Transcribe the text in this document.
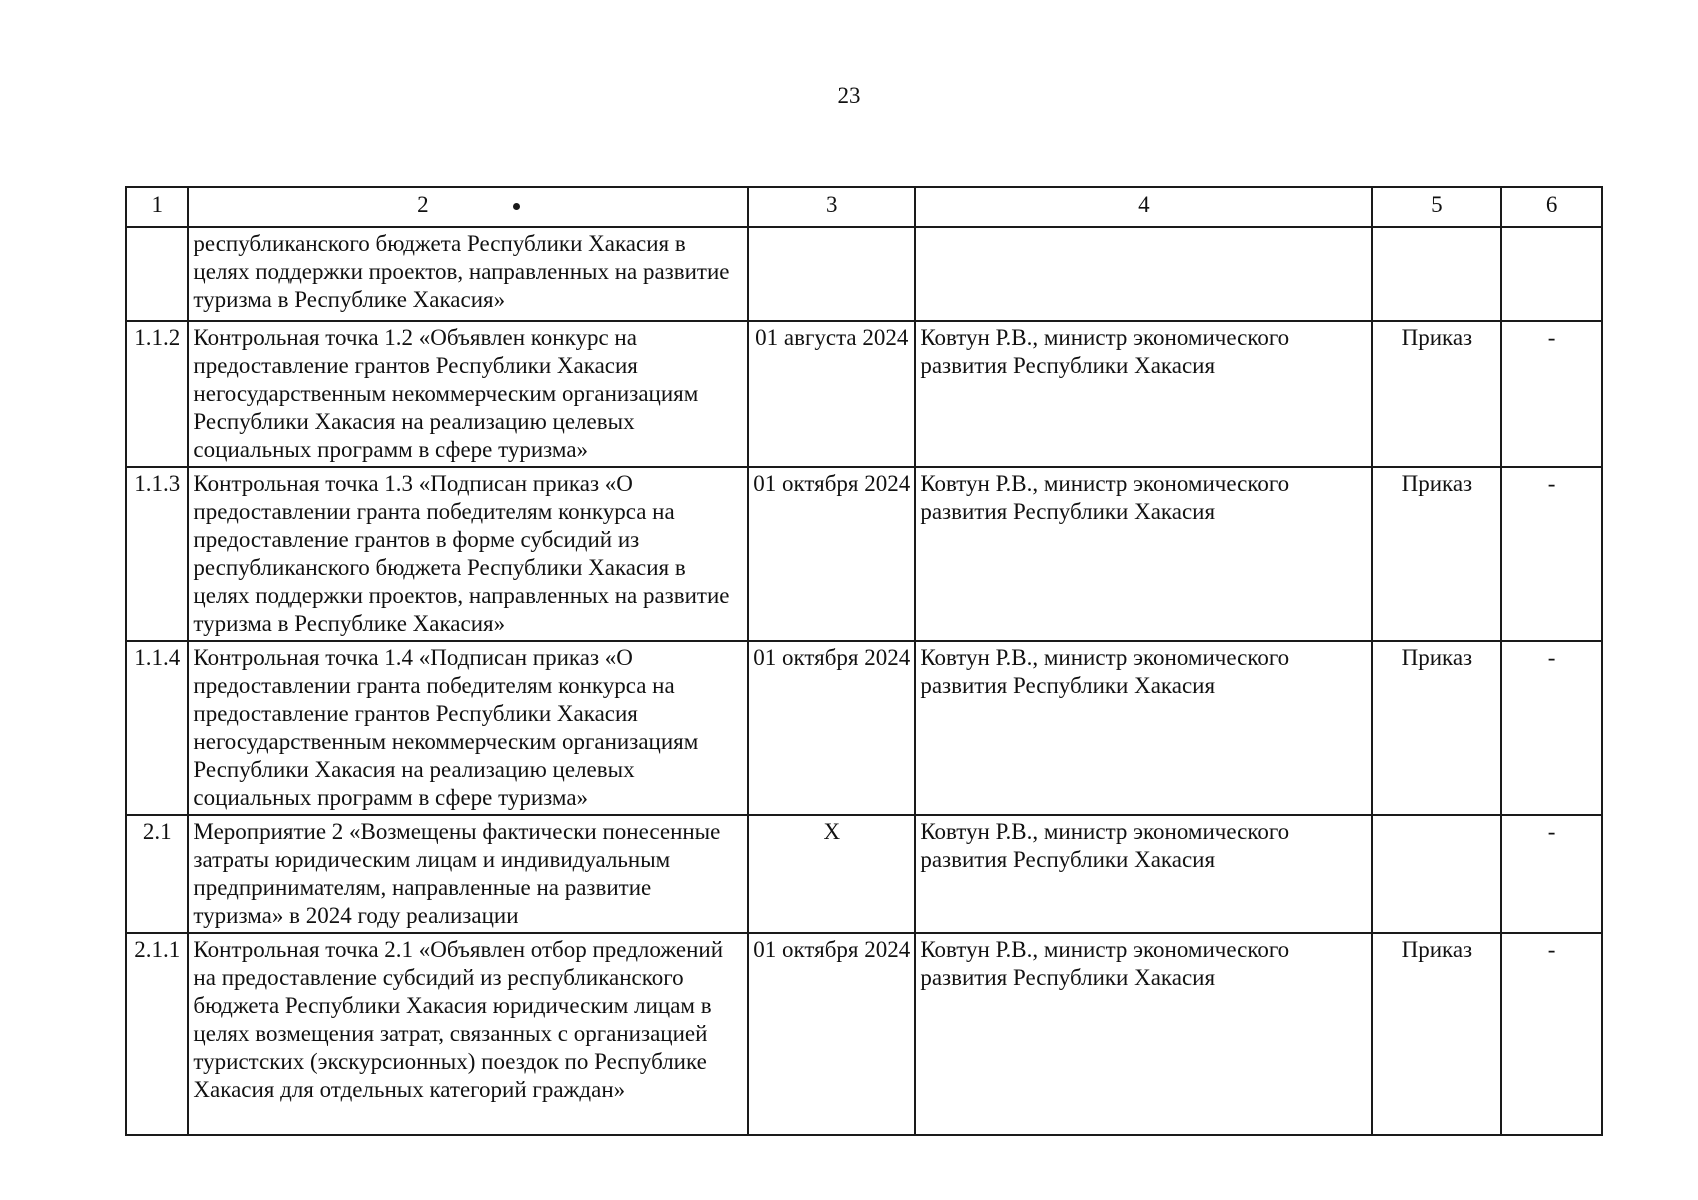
23
1	2	3	4	5	6
	республиканского бюджета Республики Хакасия в целях поддержки проектов, направленных на развитие туризма в Республике Хакасия»				
1.1.2	Контрольная точка 1.2 «Объявлен конкурс на предоставление грантов Республики Хакасия негосударственным некоммерческим организациям Республики Хакасия на реализацию целевых социальных программ в сфере туризма»	01 августа 2024	Ковтун Р.В., министр экономического развития Республики Хакасия	Приказ	-
1.1.3	Контрольная точка 1.3 «Подписан приказ «О предоставлении гранта победителям конкурса на предоставление грантов в форме субсидий из республиканского бюджета Республики Хакасия в целях поддержки проектов, направленных на развитие туризма в Республике Хакасия»	01 октября 2024	Ковтун Р.В., министр экономического развития Республики Хакасия	Приказ	-
1.1.4	Контрольная точка 1.4 «Подписан приказ «О предоставлении гранта победителям конкурса на предоставление грантов Республики Хакасия негосударственным некоммерческим организациям Республики Хакасия на реализацию целевых социальных программ в сфере туризма»	01 октября 2024	Ковтун Р.В., министр экономического развития Республики Хакасия	Приказ	-
2.1	Мероприятие 2 «Возмещены фактически понесенные затраты юридическим лицам и индивидуальным предпринимателям, направленные на развитие туризма» в 2024 году реализации	Х	Ковтун Р.В., министр экономического развития Республики Хакасия		-
2.1.1	Контрольная точка 2.1 «Объявлен отбор предложений на предоставление субсидий из республиканского бюджета Республики Хакасия юридическим лицам в целях возмещения затрат, связанных с организацией туристских (экскурсионных) поездок по Республике Хакасия для отдельных категорий граждан»	01 октября 2024	Ковтун Р.В., министр экономического развития Республики Хакасия	Приказ	-
